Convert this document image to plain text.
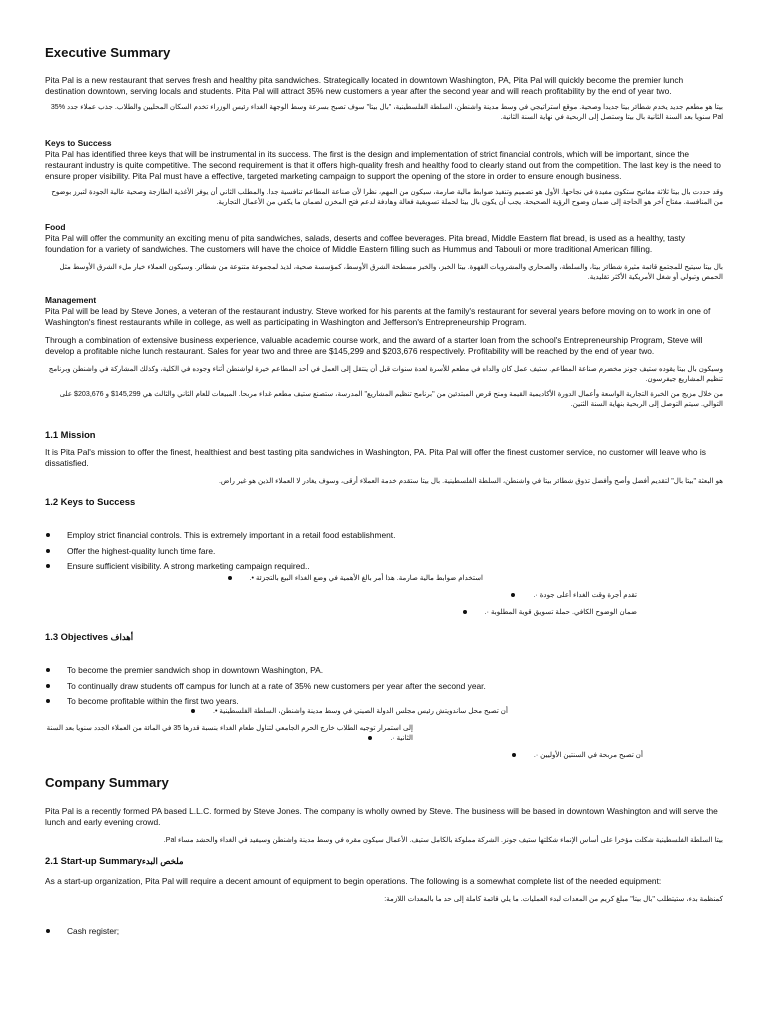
Executive Summary

Pita Pal is a new restaurant that serves fresh and healthy pita sandwiches. Strategically located in downtown Washington, PA, Pita Pal will quickly become the premier lunch destination downtown, serving locals and students. Pita Pal will attract 35% new customers a year after the second year and will reach profitability by the end of year two.

بيتا هو مطعم جديد يخدم شطائر بيتا جديدا وصحية. موقع استراتيجي في وسط مدينة واشنطن، السلطة الفلسطينية، "بال بيتا" سوف تصبح بسرعة وسط الوجهة الغداء رئيس الوزراء تخدم السكان المحليين والطلاب. جذب عملاء جدد %35 Pal سنويا بعد السنة الثانية بال بيتا وستصل إلى الربحية في نهاية السنة الثانية.

Keys to Success

Pita Pal has identified three keys that will be instrumental in its success. The first is the design and implementation of strict financial controls, which will be important, since the restaurant industry is quite competitive. The second requirement is that it offers high-quality fresh and healthy food to clearly stand out from the competition. The last key is the need to ensure proper visibility. Pita Pal must have a effective, targeted marketing campaign to support the opening of the store in order to ensure enough business.

وقد حددت بال بيتا ثلاثة مفاتيح ستكون مفيدة في نجاحها. الأول هو تصميم وتنفيذ ضوابط مالية صارمة، سيكون من المهم، نظرا لأن صناعة المطاعم تنافسية جدا. والمطلب الثاني أن يوفر الأغذية الطازجة وصحية عالية الجودة لتبرز بوضوح من المنافسة. مفتاح آخر هو الحاجة إلى ضمان وضوح الرؤية الصحيحة. يجب أن يكون بال بيتا لحملة تسويقية فعالة وهادفة لدعم فتح المخزن لضمان ما يكفي من الأعمال التجارية.

Food

Pita Pal will offer the community an exciting menu of pita sandwiches, salads, deserts and coffee beverages. Pita bread, Middle Eastern flat bread, is used as a healthy, tasty foundation for a variety of sandwiches. The customers will have the choice of Middle Eastern filling such as Hummus and Tabouli or more traditional American filling.

بال بيتا سيتيح للمجتمع قائمة مثيرة شطائر بيتا، والسلطة، والصحاري والمشروبات القهوة. بيتا الخبز، والخبز مسطحة الشرق الأوسط، كمؤسسة صحية، لذيذ لمجموعة متنوعة من شطائر. وسيكون العملاء خيار ملء الشرق الأوسط مثل الحمص وتبولي أو شغل الأمريكية الأكثر تقليدية.

Management

Pita Pal will be lead by Steve Jones, a veteran of the restaurant industry. Steve worked for his parents at the family's restaurant for several years before moving on to work in one of Washington's finest restaurants while in college, as well as participating in Washington and Jefferson's Entrepreneurship Program.

Through a combination of extensive business experience, valuable academic course work, and the award of a starter loan from the school's Entrepreneurship Program, Steve will develop a profitable niche lunch restaurant. Sales for year two and three are $145,299 and $203,676 respectively. Profitability will be reached by the end of year two.

وسيكون بال بيتا يقوده ستيف جونز مخضرم صناعة المطاعم. ستيف عمل كان والداه في مطعم للأسرة لعدة سنوات قبل أن ينتقل إلى العمل في أحد المطاعم خيرة لواشنطن أثناء وجوده في الكلية، وكذلك المشاركة في واشنطن وبرنامج تنظيم المشاريع جيفرسون.

من خلال مزيج من الخبرة التجارية الواسعة وأعمال الدورة الأكاديمية القيمة ومنح قرض المبتدئين من "برنامج تنظيم المشاريع" المدرسة، ستصنع ستيف مطعم غداء مربحا. المبيعات للعام الثاني والثالث هي 145,299$ و 203,676$ على التوالي. سيتم التوصل إلى الربحية بنهاية السنة الثنين.

1.1 Mission

It is Pita Pal's mission to offer the finest, healthiest and best tasting pita sandwiches in Washington, PA. Pita Pal will offer the finest customer service, no customer will leave who is dissatisfied.

هو البعثة "بيتا بال" لتقديم أفضل وأصح وأفضل تذوق شطائر بيتا في واشنطن، السلطة الفلسطينية. بال بيتا ستقدم خدمة العملاء أرقى، وسوف يغادر لا العملاء الذين هو غير راض.

1.2 Keys to Success
Employ strict financial controls. This is extremely important in a retail food establishment.
Offer the highest-quality lunch time fare.
Ensure sufficient visibility. A strong marketing campaign required..
استخدام ضوابط مالية صارمة. هذا أمر بالغ الأهمية في وضع الغذاء البيع بالتجزئة •.
تقدم أجرة وقت الغداء أعلى جودة ·.
ضمان الوضوح الكافي. حملة تسويق قوية المطلوبة ·.
1.3 Objectives أهداف
To become the premier sandwich shop in downtown Washington, PA.
To continually draw students off campus for lunch at a rate of 35% new customers per year after the second year.
To become profitable within the first two years.
أن تصبح محل ساندويتش رئيس مجلس الدولة الصيني في وسط مدينة واشنطن، السلطة الفلسطينية •.
إلى استمرار توجيه الطلاب خارج الحرم الجامعي لتناول طعام الغداء بنسبة قدرها 35 في المائة من العملاء الجدد سنويا بعد السنة الثانية ·.
أن تصبح مربحة في السنتين الأوليين ·.
Company Summary

Pita Pal is a recently formed PA based L.L.C. formed by Steve Jones. The company is wholly owned by Steve. The business will be based in downtown Washington and will serve the lunch and early evening crowd.

بيتا السلطة الفلسطينية شكلت مؤخرا على أساس الإنماء شكلتها ستيف جونز. الشركة مملوكة بالكامل ستيف. الأعمال سيكون مقره في وسط مدينة واشنطن وسيفيد في الغداء والحشد مساء Pal.

2.1 Start-up Summaryملخص البدء

As a start-up organization, Pita Pal will require a decent amount of equipment to begin operations. The following is a somewhat complete list of the needed equipment:

كمنظمة بدء، ستيتطلب "بال بيتا" مبلغ كريم من المعدات لبدء العمليات. ما يلي قائمة كاملة إلى حد ما بالمعدات اللازمة:

Cash register;
